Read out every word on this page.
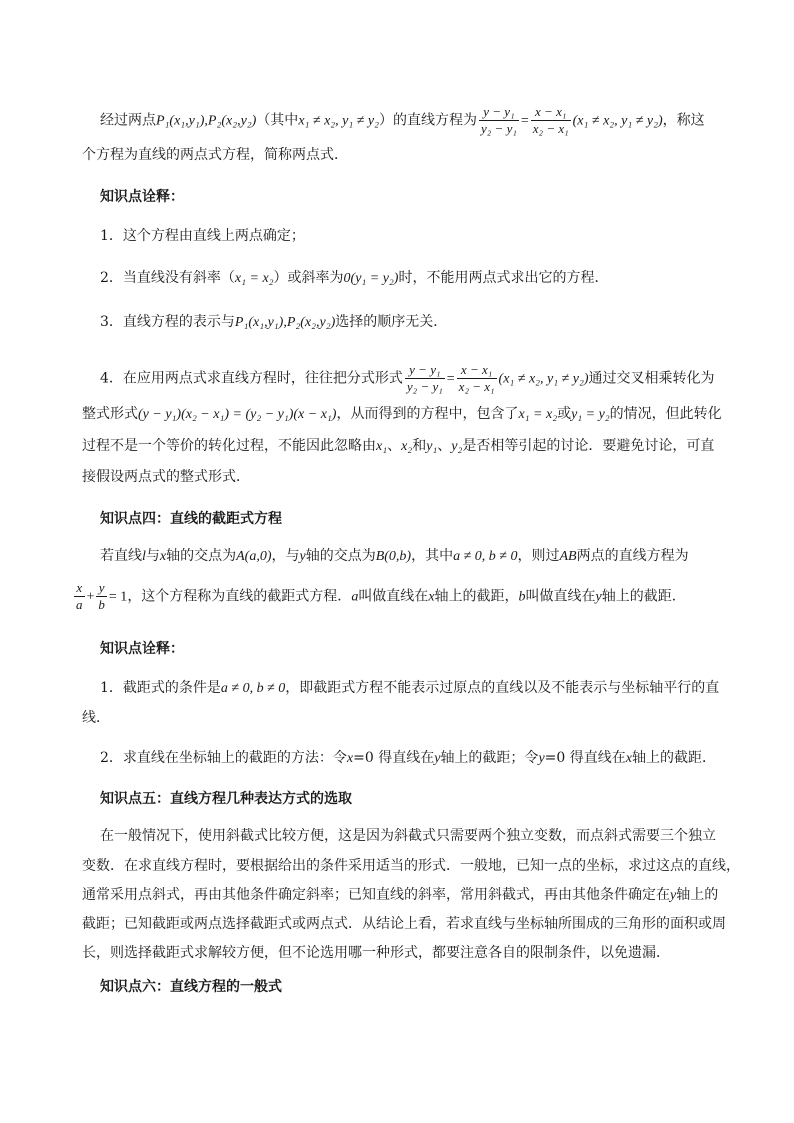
经过两点P₁(x₁,y₁),P₂(x₂,y₂)（其中x₁ ≠ x₂, y₁ ≠ y₂）的直线方程为 $\frac{\text{y − y₁}}{\text{y₂ − y₁}} = \frac{\text{x − x₁}}{\text{x₂ − x₁}} (x_1 \ne x_2$, y₁ ≠ y₂)，称这
个方程为直线的两点式方程，简称两点式．
知识点诠释：
1．这个方程由直线上两点确定；
2．当直线没有斜率（x₁ = x₂）或斜率为0(y₁ = y₂)时，不能用两点式求出它的方程．
3．直线方程的表示与P₁(x₁,y₁),P₂(x₂,y₂)选择的顺序无关．
4．在应用两点式求直线方程时，往往把分式形式 $\frac{\text{y − y₁}}{\text{y₂ − y₁}} = \frac{\text{x − x₁}}{\text{x₂ − x₁}} (x_1 \ne x_2$, y₁ ≠ y₂)通过交叉相乘转化为
整式形式(y − y₁)(x₂ − x₁) = (y₂ − y₁)(x − x₁)，从而得到的方程中，包含了x₁ = x₂或y₁ = y₂的情况，但此转化
过程不是一个等价的转化过程，不能因此忽略由x₁、x₂和y₁、y₂是否相等引起的讨论．要避免讨论，可直
接假设两点式的整式形式．
知识点四：直线的截距式方程
若直线l与x轴的交点为A(a,0)，与y轴的交点为B(0,b)，其中a ≠ 0, b ≠ 0，则过AB两点的直线方程为
$\frac{x}{a} + \frac{y}{b} = 1$，这个方程称为直线的截距式方程．a叫做直线在x轴上的截距，b叫做直线在y轴上的截距．
知识点诠释：
1．截距式的条件是a ≠ 0, b ≠ 0，即截距式方程不能表示过原点的直线以及不能表示与坐标轴平行的直
线．
2．求直线在坐标轴上的截距的方法：令x=0 得直线在y轴上的截距；令y=0 得直线在x轴上的截距．
知识点五：直线方程几种表达方式的选取
在一般情况下，使用斜截式比较方便，这是因为斜截式只需要两个独立变数，而点斜式需要三个独立
变数．在求直线方程时，要根据给出的条件采用适当的形式．一般地，已知一点的坐标，求过这点的直线，
通常采用点斜式，再由其他条件确定斜率；已知直线的斜率，常用斜截式，再由其他条件确定在y轴上的
截距；已知截距或两点选择截距式或两点式．从结论上看，若求直线与坐标轴所围成的三角形的面积或周
长，则选择截距式求解较方便，但不论选用哪一种形式，都要注意各自的限制条件，以免遗漏．
知识点六：直线方程的一般式
